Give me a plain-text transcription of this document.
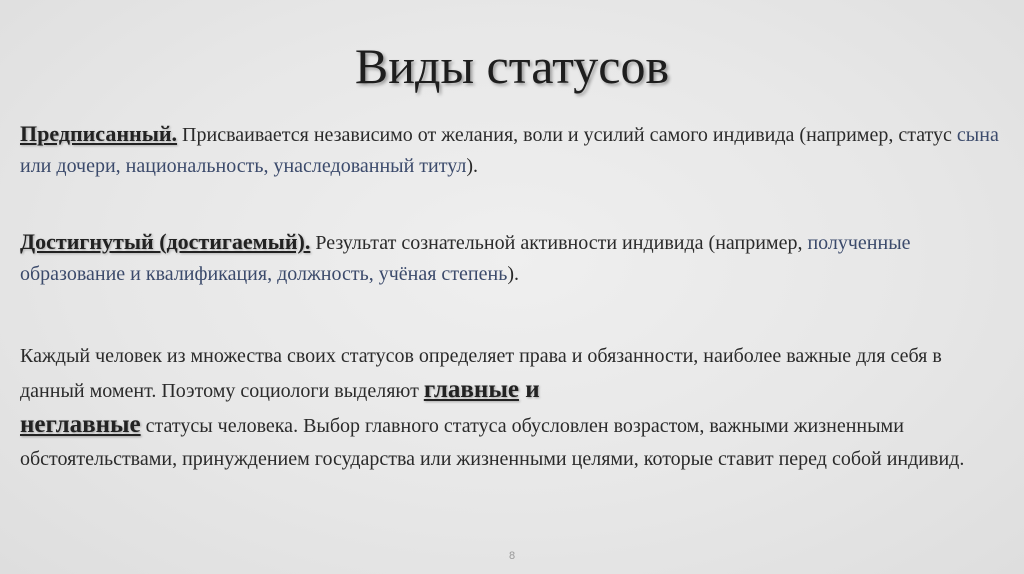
Виды статусов
Предписанный. Присваивается независимо от желания, воли и усилий самого индивида (например, статус сына или дочери, национальность, унаследованный титул).
Достигнутый (достигаемый). Результат сознательной активности индивида (например, полученные образование и квалификация, должность, учёная степень).
Каждый человек из множества своих статусов определяет права и обязанности, наиболее важные для себя в данный момент. Поэтому социологи выделяют главные и
неглавные статусы человека. Выбор главного статуса обусловлен возрастом, важными жизненными обстоятельствами, принуждением государства или жизненными целями, которые ставит перед собой индивид.
8
